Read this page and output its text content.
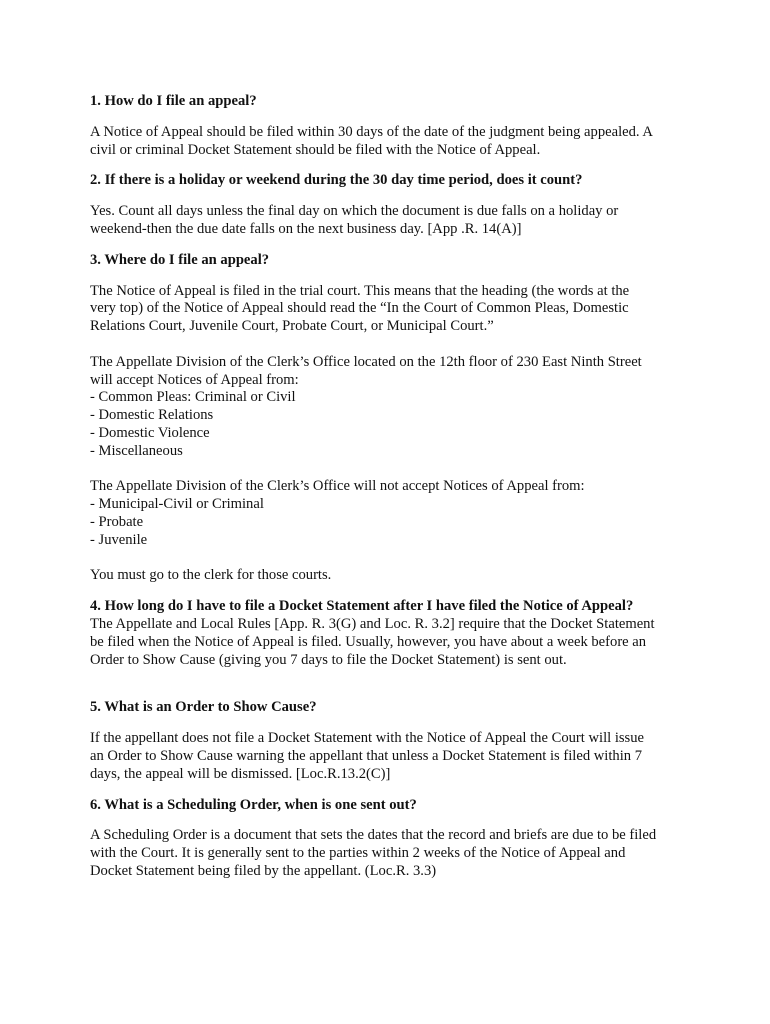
1. How do I file an appeal?

A Notice of Appeal should be filed within 30 days of the date of the judgment being appealed. A
civil or criminal Docket Statement should be filed with the Notice of Appeal.

2. If there is a holiday or weekend during the 30 day time period, does it count?

Yes. Count all days unless the final day on which the document is due falls on a holiday or
weekend-then the due date falls on the next business day. [App .R. 14(A)]

3. Where do I file an appeal?

The Notice of Appeal is filed in the trial court. This means that the heading (the words at the
very top) of the Notice of Appeal should read the “In the Court of Common Pleas, Domestic
Relations Court, Juvenile Court, Probate Court, or Municipal Court.”

The Appellate Division of the Clerk’s Office located on the 12th floor of 230 East Ninth Street
will accept Notices of Appeal from:
- Common Pleas: Criminal or Civil
- Domestic Relations
- Domestic Violence
- Miscellaneous

The Appellate Division of the Clerk’s Office will not accept Notices of Appeal from:
- Municipal-Civil or Criminal
- Probate
- Juvenile

You must go to the clerk for those courts.

4. How long do I have to file a Docket Statement after I have filed the Notice of Appeal?

The Appellate and Local Rules [App. R. 3(G) and Loc. R. 3.2] require that the Docket Statement
be filed when the Notice of Appeal is filed. Usually, however, you have about a week before an
Order to Show Cause (giving you 7 days to file the Docket Statement) is sent out.

5. What is an Order to Show Cause?

If the appellant does not file a Docket Statement with the Notice of Appeal the Court will issue
an Order to Show Cause warning the appellant that unless a Docket Statement is filed within 7
days, the appeal will be dismissed. [Loc.R.13.2(C)]

6. What is a Scheduling Order, when is one sent out?

A Scheduling Order is a document that sets the dates that the record and briefs are due to be filed
with the Court. It is generally sent to the parties within 2 weeks of the Notice of Appeal and
Docket Statement being filed by the appellant. (Loc.R. 3.3)
